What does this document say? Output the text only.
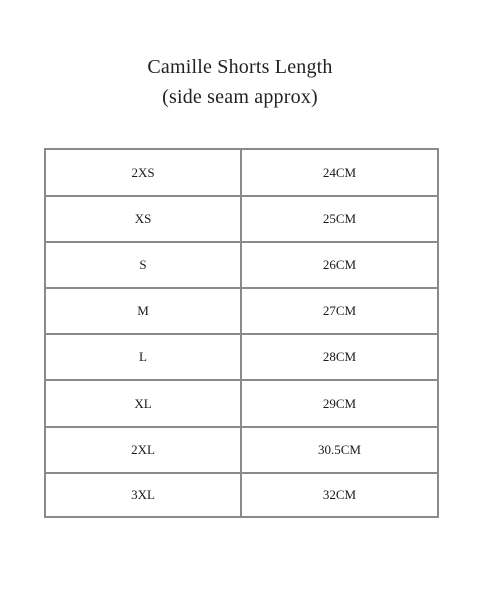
Camille Shorts Length
(side seam approx)
2XS	24CM
XS	25CM
S	26CM
M	27CM
L	28CM
XL	29CM
2XL	30.5CM
3XL	32CM
